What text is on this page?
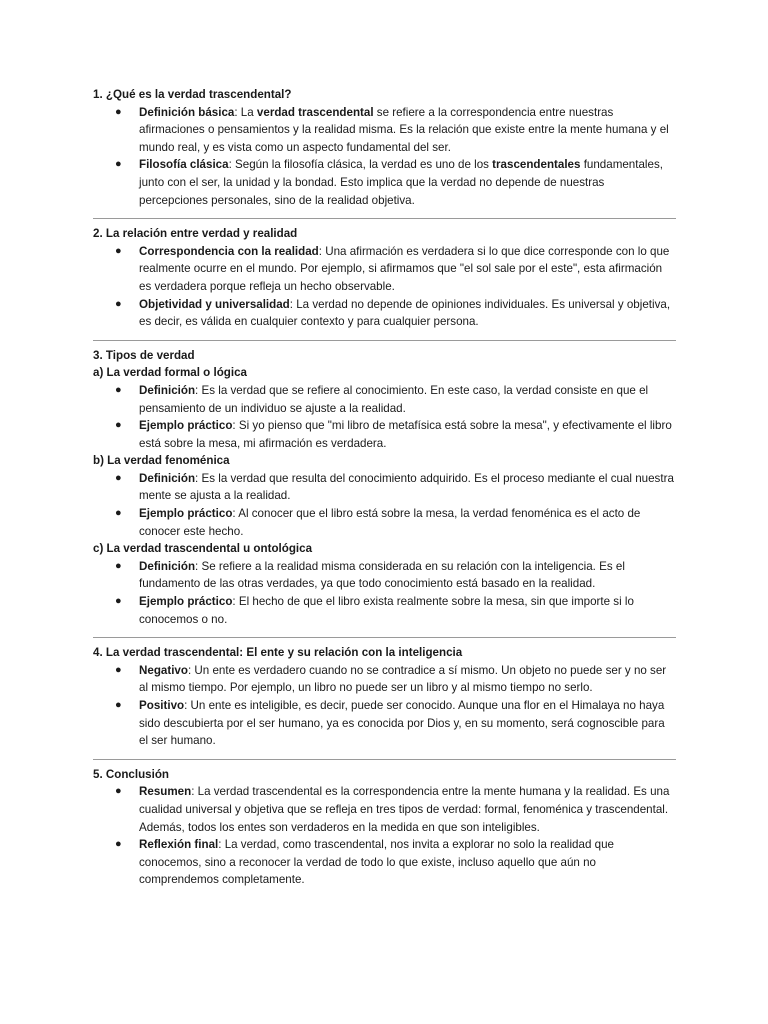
1. ¿Qué es la verdad trascendental?
● Definición básica: La verdad trascendental se refiere a la correspondencia entre nuestras afirmaciones o pensamientos y la realidad misma. Es la relación que existe entre la mente humana y el mundo real, y es vista como un aspecto fundamental del ser.
● Filosofía clásica: Según la filosofía clásica, la verdad es uno de los trascendentales fundamentales, junto con el ser, la unidad y la bondad. Esto implica que la verdad no depende de nuestras percepciones personales, sino de la realidad objetiva.
2. La relación entre verdad y realidad
● Correspondencia con la realidad: Una afirmación es verdadera si lo que dice corresponde con lo que realmente ocurre en el mundo. Por ejemplo, si afirmamos que "el sol sale por el este", esta afirmación es verdadera porque refleja un hecho observable.
● Objetividad y universalidad: La verdad no depende de opiniones individuales. Es universal y objetiva, es decir, es válida en cualquier contexto y para cualquier persona.
3. Tipos de verdad
a) La verdad formal o lógica
● Definición: Es la verdad que se refiere al conocimiento. En este caso, la verdad consiste en que el pensamiento de un individuo se ajuste a la realidad.
● Ejemplo práctico: Si yo pienso que "mi libro de metafísica está sobre la mesa", y efectivamente el libro está sobre la mesa, mi afirmación es verdadera.
b) La verdad fenoménica
● Definición: Es la verdad que resulta del conocimiento adquirido. Es el proceso mediante el cual nuestra mente se ajusta a la realidad.
● Ejemplo práctico: Al conocer que el libro está sobre la mesa, la verdad fenoménica es el acto de conocer este hecho.
c) La verdad trascendental u ontológica
● Definición: Se refiere a la realidad misma considerada en su relación con la inteligencia. Es el fundamento de las otras verdades, ya que todo conocimiento está basado en la realidad.
● Ejemplo práctico: El hecho de que el libro exista realmente sobre la mesa, sin que importe si lo conocemos o no.
4. La verdad trascendental: El ente y su relación con la inteligencia
● Negativo: Un ente es verdadero cuando no se contradice a sí mismo. Un objeto no puede ser y no ser al mismo tiempo. Por ejemplo, un libro no puede ser un libro y al mismo tiempo no serlo.
● Positivo: Un ente es inteligible, es decir, puede ser conocido. Aunque una flor en el Himalaya no haya sido descubierta por el ser humano, ya es conocida por Dios y, en su momento, será cognoscible para el ser humano.
5. Conclusión
● Resumen: La verdad trascendental es la correspondencia entre la mente humana y la realidad. Es una cualidad universal y objetiva que se refleja en tres tipos de verdad: formal, fenoménica y trascendental. Además, todos los entes son verdaderos en la medida en que son inteligibles.
● Reflexión final: La verdad, como trascendental, nos invita a explorar no solo la realidad que conocemos, sino a reconocer la verdad de todo lo que existe, incluso aquello que aún no comprendemos completamente.
